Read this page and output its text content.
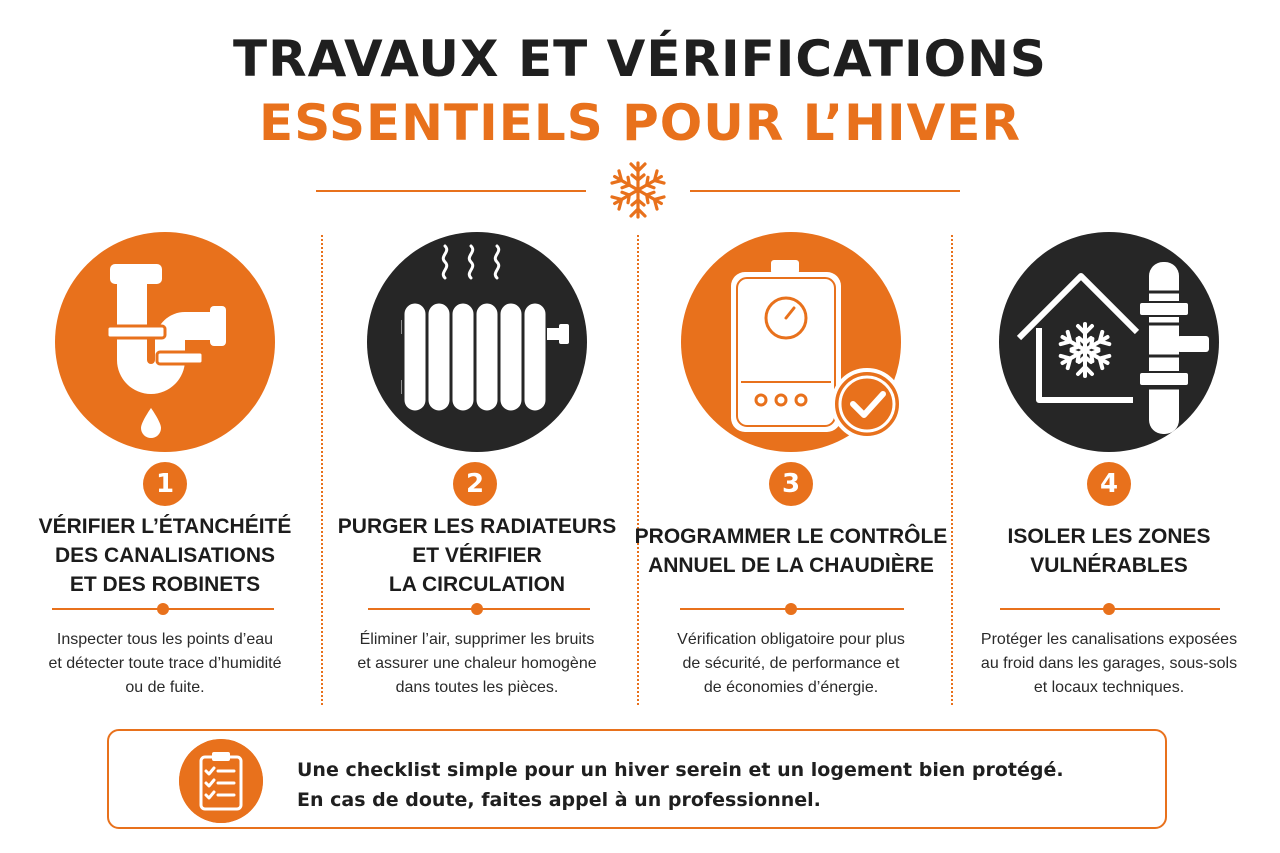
TRAVAUX ET VÉRIFICATIONS
ESSENTIELS POUR L’HIVER
1
VÉRIFIER L’ÉTANCHÉITÉ
DES CANALISATIONS
ET DES ROBINETS
Inspecter tous les points d’eau
et détecter toute trace d’humidité
ou de fuite.
2
PURGER LES RADIATEURS
ET VÉRIFIER
LA CIRCULATION
Éliminer l’air, supprimer les bruits
et assurer une chaleur homogène
dans toutes les pièces.
3
PROGRAMMER LE CONTRÔLE
ANNUEL DE LA CHAUDIÈRE
Vérification obligatoire pour plus
de sécurité, de performance et
de économies d’énergie.
4
ISOLER LES ZONES
VULNÉRABLES
Protéger les canalisations exposées
au froid dans les garages, sous-sols
et locaux techniques.
Une checklist simple pour un hiver serein et un logement bien protégé.
En cas de doute, faites appel à un professionnel.
